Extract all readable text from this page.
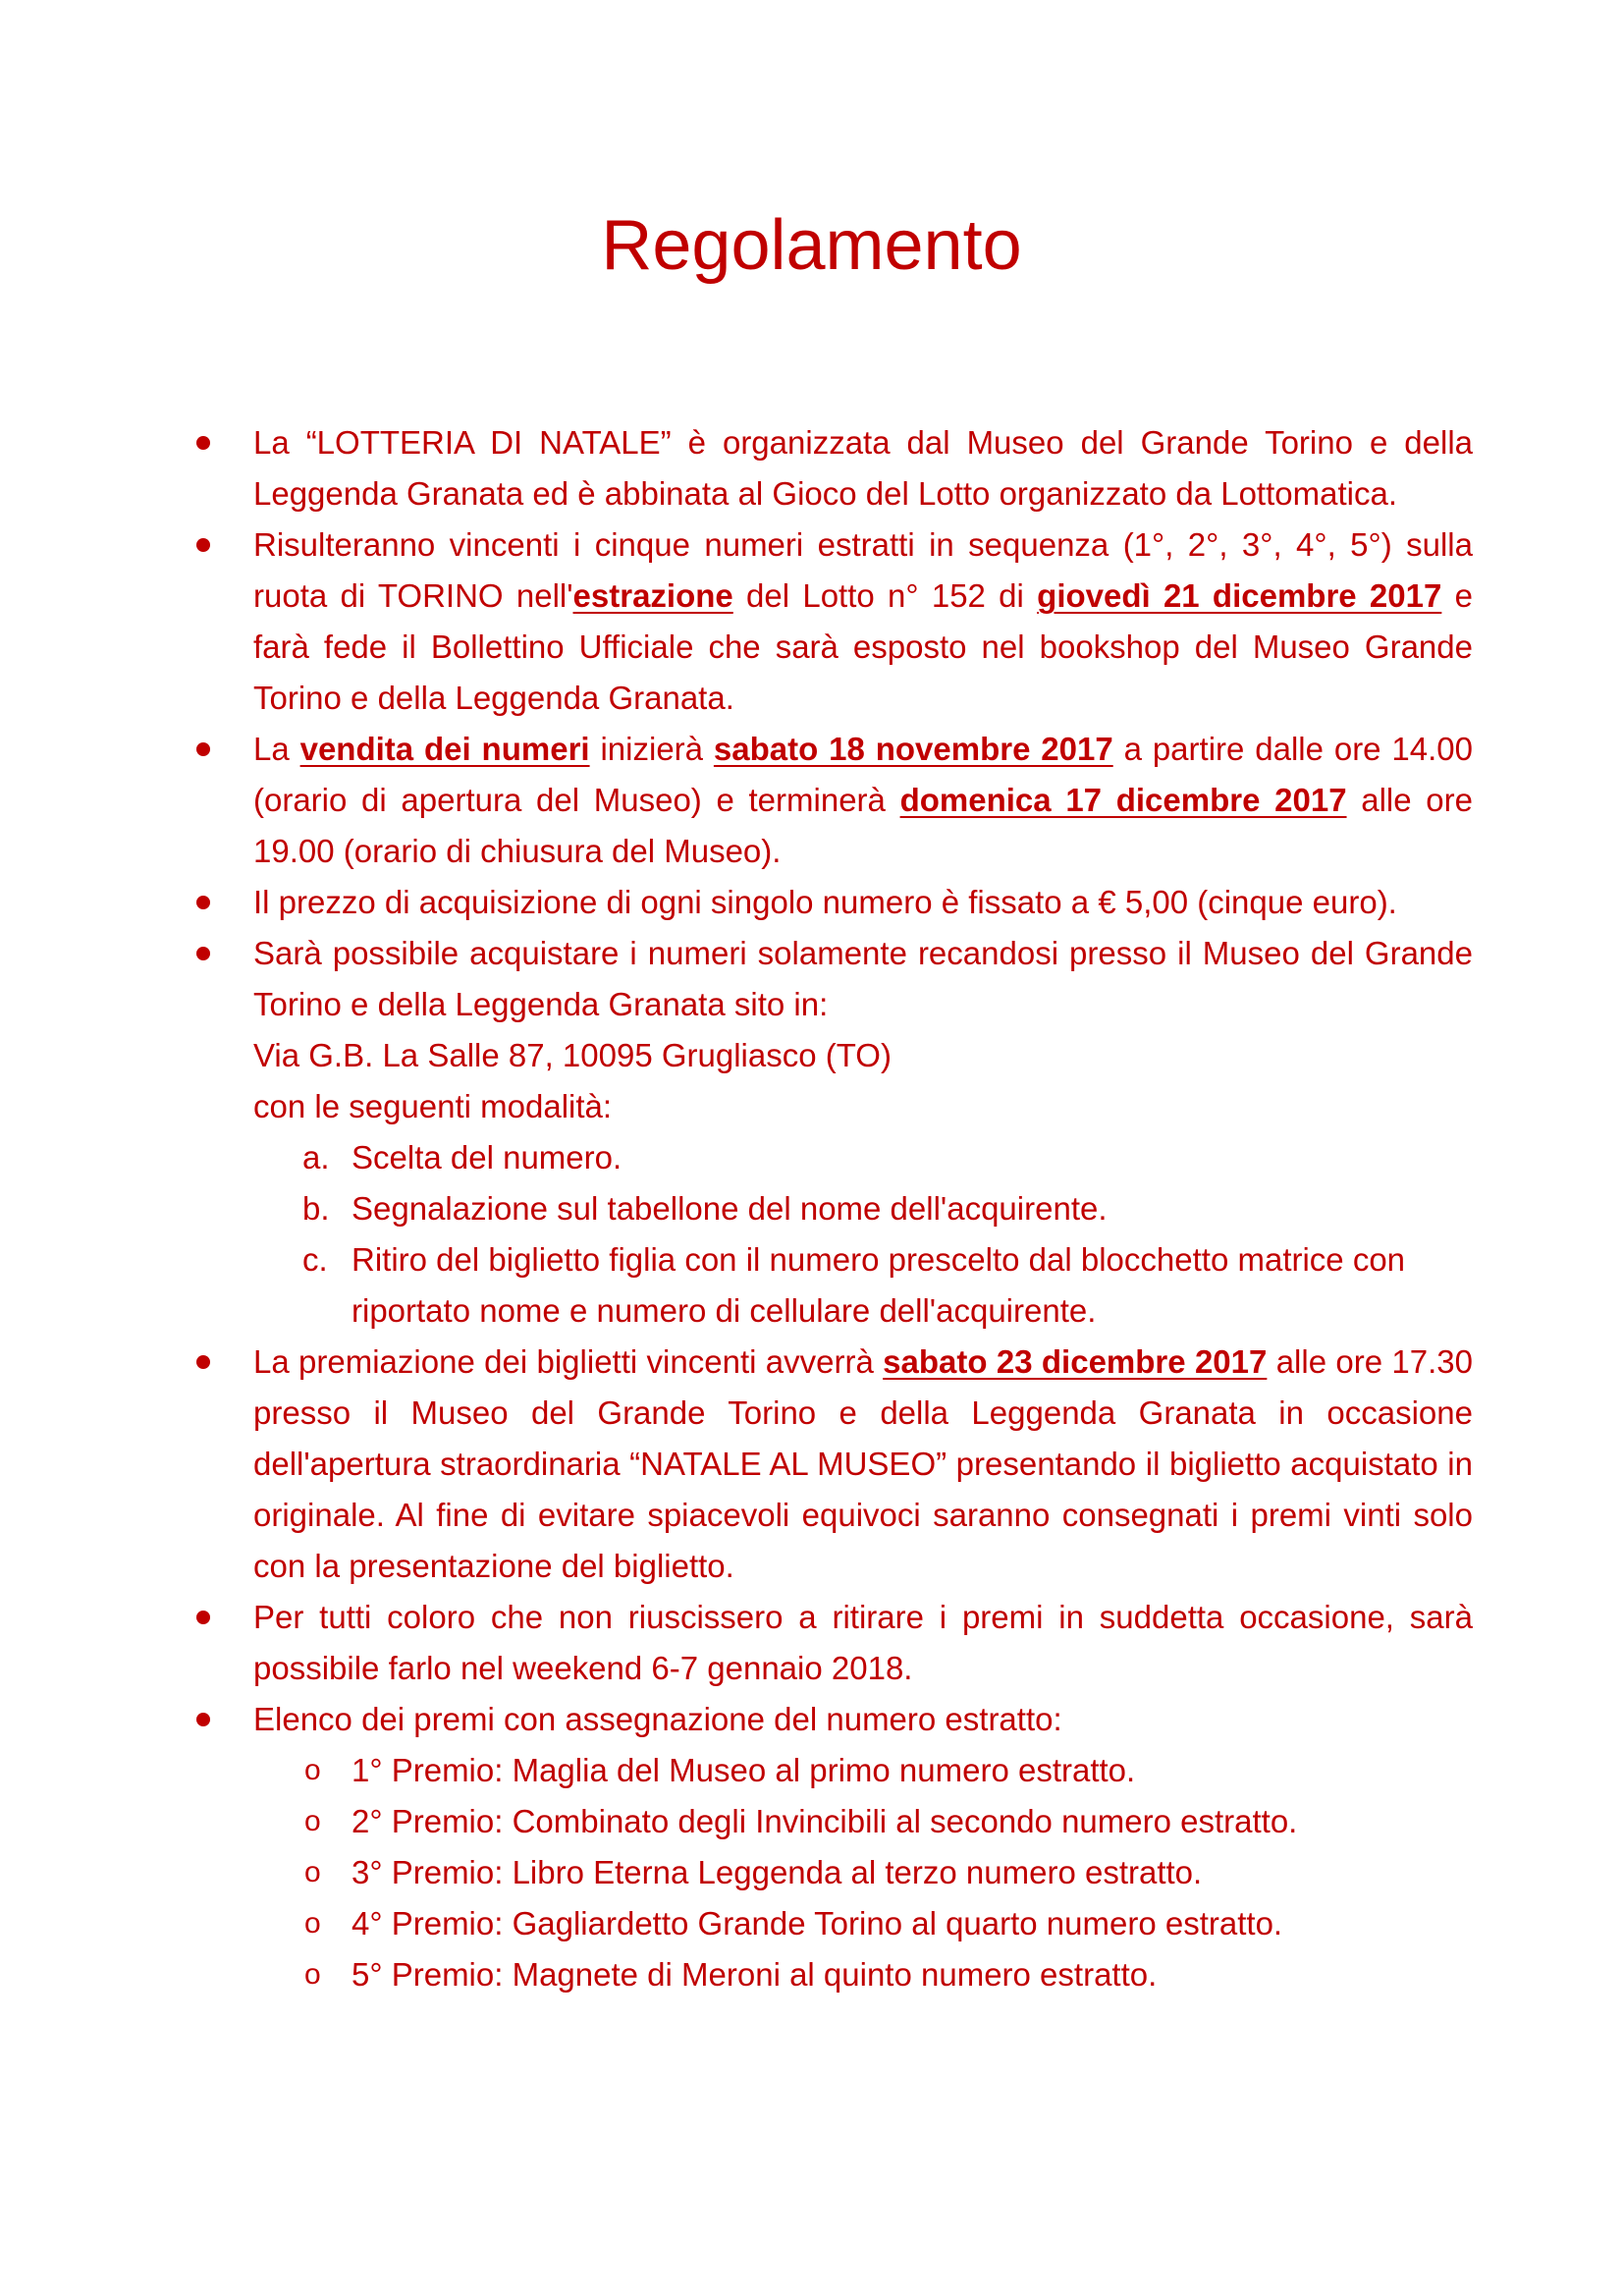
Regolamento
La “LOTTERIA DI NATALE” è organizzata dal Museo del Grande Torino e della Leggenda Granata ed è abbinata al Gioco del Lotto organizzato da Lottomatica.
Risulteranno vincenti i cinque numeri estratti in sequenza (1°, 2°, 3°, 4°, 5°) sulla ruota di TORINO nell'estrazione del Lotto n° 152 di giovedì 21 dicembre 2017 e farà fede il Bollettino Ufficiale che sarà esposto nel bookshop del Museo Grande Torino e della Leggenda Granata.
La vendita dei numeri inizierà sabato 18 novembre 2017 a partire dalle ore 14.00 (orario di apertura del Museo) e terminerà domenica 17 dicembre 2017 alle ore 19.00 (orario di chiusura del Museo).
Il prezzo di acquisizione di ogni singolo numero è fissato a € 5,00 (cinque euro).
Sarà possibile acquistare i numeri solamente recandosi presso il Museo del Grande Torino e della Leggenda Granata sito in:
Via G.B. La Salle 87, 10095 Grugliasco (TO)
con le seguenti modalità:
a. Scelta del numero.
b. Segnalazione sul tabellone del nome dell'acquirente.
c. Ritiro del biglietto figlia con il numero prescelto dal blocchetto matrice con riportato nome e numero di cellulare dell'acquirente.
La premiazione dei biglietti vincenti avverrà sabato 23 dicembre 2017 alle ore 17.30 presso il Museo del Grande Torino e della Leggenda Granata in occasione dell'apertura straordinaria “NATALE AL MUSEO” presentando il biglietto acquistato in originale. Al fine di evitare spiacevoli equivoci saranno consegnati i premi vinti solo con la presentazione del biglietto.
Per tutti coloro che non riuscissero a ritirare i premi in suddetta occasione, sarà possibile farlo nel weekend 6-7 gennaio 2018.
Elenco dei premi con assegnazione del numero estratto:
o 1° Premio: Maglia del Museo al primo numero estratto.
o 2° Premio: Combinato degli Invincibili al secondo numero estratto.
o 3° Premio: Libro Eterna Leggenda al terzo numero estratto.
o 4° Premio: Gagliardetto Grande Torino al quarto numero estratto.
o 5° Premio: Magnete di Meroni al quinto numero estratto.
